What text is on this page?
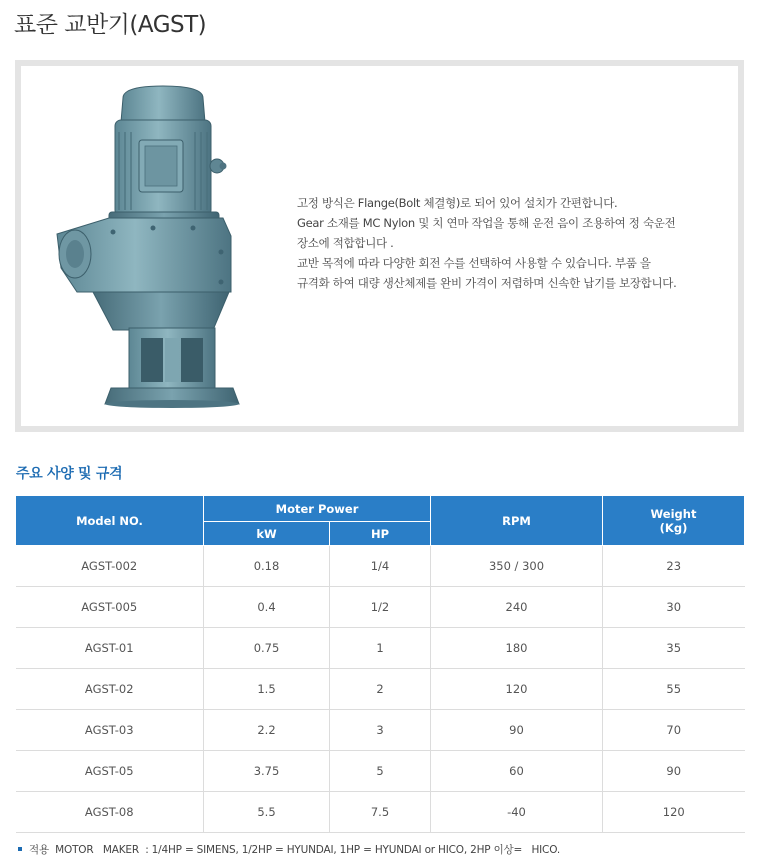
표준 교반기(AGST)

고정 방식은 Flange(Bolt 체결형)로 되어 있어 설치가 간편합니다.

Gear 소재를 MC Nylon 및 치 연마 작업을 통해 운전 음이 조용하여 정 숙운전

장소에 적합합니다 .

교반 목적에 따라 다양한 회전 수를 선택하여 사용할 수 있습니다. 부품 을

규격화 하여 대량 생산체제를 완비 가격이 저렴하며 신속한 납기를 보장합니다.

주요 사양 및 규격
Model NO.	Moter Power		RPM	Weight
(Kg)
	kW	HP		
AGST-002	0.18	1/4	350 / 300	23
AGST-005	0.4	1/2	240	30
AGST-01	0.75	1	180	35
AGST-02	1.5	2	120	55
AGST-03	2.2	3	90	70
AGST-05	3.75	5	60	90
AGST-08	5.5	7.5	-40	120
적용  MOTOR   MAKER  : 1/4HP = SIMENS, 1/2HP = HYUNDAI, 1HP = HYUNDAI or HICO, 2HP 이상=   HICO.
